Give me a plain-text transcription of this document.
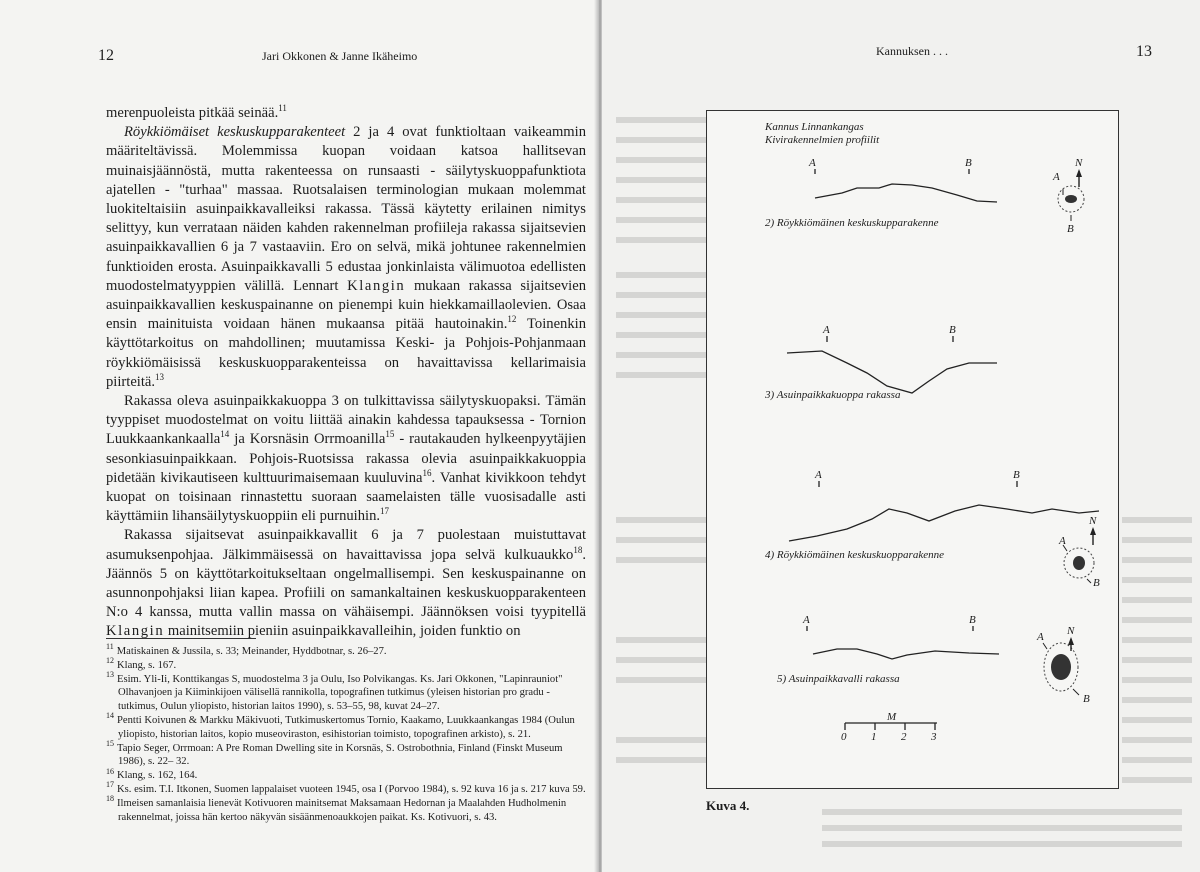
12	Jari Okkonen & Janne Ikäheimo

merenpuoleista pitkää seinää.$^{11}$

Röykkiömäiset keskuskupparakenteet 2 ja 4 ovat funktioltaan vaikeammin määriteltävissä. Molemmissa kuopan voidaan katsoa hallitsevan muinaisjäännöstä, mutta rakenteessa on runsaasti - säilytyskuoppafunktiota ajatellen - "turhaa" massaa. Ruotsalaisen terminologian mukaan molemmat luokiteltaisiin asuinpaikkavalleiksi rakassa. Tässä käytetty erilainen nimitys selittyy, kun verrataan näiden kahden rakennelman profiileja rakassa sijaitsevien asuinpaikkavallien 6 ja 7 vastaaviin. Ero on selvä, mikä johtunee rakennelmien funktioiden erosta. Asuinpaikkavalli 5 edustaa jonkinlaista välimuotoa edellisten muodostelmatyyppien välillä. Lennart Klangin mukaan rakassa sijaitsevien asuinpaikkavallien keskuspainanne on pienempi kuin hiekkamaillaolevien. Osaa ensin mainituista voidaan hänen mukaansa pitää hautoinakin.$^{12}$ Toinenkin käyttötarkoitus on mahdollinen; muutamissa Keski- ja Pohjois-Pohjanmaan röykkiömäisissä keskuskuopparakenteissa on havaittavissa kellarimaisia piirteitä.$^{13}$

Rakassa oleva asuinpaikkakuoppa 3 on tulkittavissa säilytyskuopaksi. Tämän tyyppiset muodostelmat on voitu liittää ainakin kahdessa tapauksessa - Tornion Luukkaankankaalla$^{14}$ ja Korsnäsin Orrmoanilla$^{15}$ - rautakauden hylkeenpyytäjien sesonkiasuinpaikkaan. Pohjois-Ruotsissa rakassa olevia asuinpaikkakuoppia pidetään kivikautiseen kulttuurimaisemaan kuuluvina$^{16}$. Vanhat kivikkoon tehdyt kuopat on toisinaan rinnastettu suoraan saamelaisten tälle vuosisadalle asti käyttämiin lihansäilytyskuoppiin eli purnuihin.$^{17}$

Rakassa sijaitsevat asuinpaikkavallit 6 ja 7 puolestaan muistuttavat asumuksenpohjaa. Jälkimmäisessä on havaittavissa jopa selvä kulkuaukko$^{18}$. Jäännös 5 on käyttötarkoitukseltaan ongelmallisempi. Sen keskuspainanne on asunnonpohjaksi liian kapea. Profiili on samankaltainen keskuskuopparakenteen N:o 4 kanssa, mutta vallin massa on vähäisempi. Jäännöksen voisi tyypitellä Klangin mainitsemiin pieniin asuinpaikkavalleihin, joiden funktio on

$^{11}$ Matiskainen & Jussila, s. 33; Meinander, Hyddbotnar, s. 26–27.

$^{12}$ Klang, s. 167.

$^{13}$ Esim. Yli-Ii, Konttikangas S, muodostelma 3 ja Oulu, Iso Polvikangas. Ks. Jari Okkonen, "Lapinrauniot" Olhavanjoen ja Kiiminkijoen välisellä rannikolla, topografinen tutkimus (yleisen historian pro gradu -tutkimus, Oulun yliopisto, historian laitos 1990), s. 53–55, 98, kuvat 24–27.

$^{14}$ Pentti Koivunen & Markku Mäkivuoti, Tutkimuskertomus Tornio, Kaakamo, Luukkaankangas 1984 (Oulun yliopisto, historian laitos, kopio museoviraston, esihistorian toimisto, topografinen arkisto), s. 21.

$^{15}$ Tapio Seger, Orrmoan: A Pre Roman Dwelling site in Korsnäs, S. Ostrobothnia, Finland (Finskt Museum 1986), s. 22– 32.

$^{16}$ Klang, s. 162, 164.

$^{17}$ Ks. esim. T.I. Itkonen, Suomen lappalaiset vuoteen 1945, osa I (Porvoo 1984), s. 92 kuva 16 ja s. 217 kuva 59.

$^{18}$ Ilmeisen samanlaisia lienevät Kotivuoren mainitsemat Maksamaan Hedornan ja Maalahden Hudholmenin rakennelmat, joissa hän kertoo näkyvän sisäänmenoaukkojen paikat. Ks. Kotivuori, s. 43.

Kannuksen . . .	13
Kannus Linnankangas
Kivirakennelmien profiilit
A	B
2) Röykkiömäinen keskuskupparakenne
A	B
3) Asuinpaikkakuoppa rakassa
A	B
4) Röykkiömäinen keskuskuopparakenne
A	B
5) Asuinpaikkavalli rakassa
N
A
B
N
A
B
N
A
B
M
0 1 2 3
Kuva 4.
